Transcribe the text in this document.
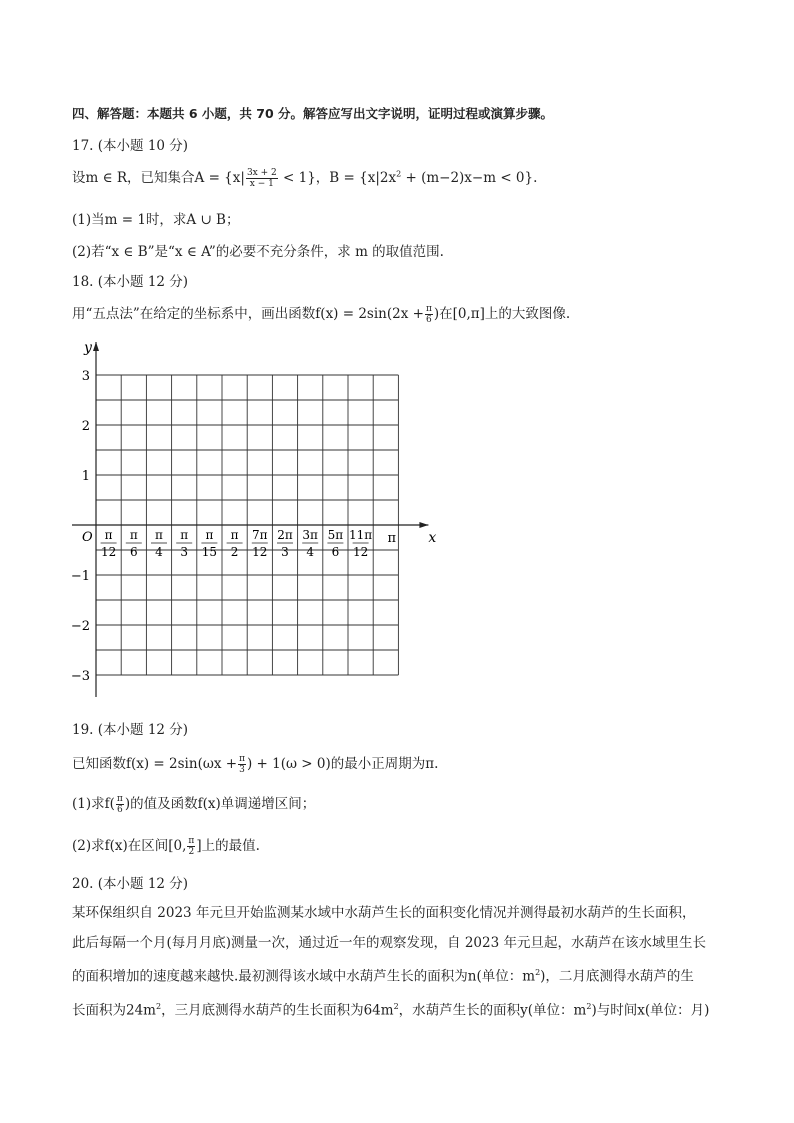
四、解答题：本题共 6 小题，共 70 分。解答应写出文字说明，证明过程或演算步骤。
17. (本小题 10 分)
设m ∈ R，已知集合$A = \{x| \frac{3x + 2}{x - 1} < 1\}$，$B = \{x|2x^2 + (m-2)x-m < 0\}$.
(1)当m = 1时，求A ∪ B；
(2)若“x ∈ B”是“x ∈ A”的必要不充分条件，求 m 的取值范围.
18. (本小题 12 分)
用“五点法”在给定的坐标系中，画出函数$f(x) = 2\sin(2x + \frac{\pi}{6}$ )在[0,π]上的大致图像.
y
x
O
3
2
1
−1
−2
−3
π
12
π
6
π
4
π
3
π
15
π
2
7π
12
2π
3
3π
4
5π
6
11π
12
π
19. (本小题 12 分)
已知函数$f(x) = 2\sin(\omega x + \frac{\pi}{3}$ ) + 1(ω > 0)的最小正周期为π.
(1)求$f( \frac{\pi}{6}$ )的值及函数f(x)单调递增区间；
(2)求f(x)在区间[0, $\frac{\pi}{2}$ ]上的最值.
20. (本小题 12 分)
某环保组织自 2023 年元旦开始监测某水域中水葫芦生长的面积变化情况并测得最初水葫芦的生长面积，
此后每隔一个月(每月月底)测量一次，通过近一年的观察发现，自 2023 年元旦起，水葫芦在该水域里生长
的面积增加的速度越来越快.最初测得该水域中水葫芦生长的面积为n(单位：$m^2$)，二月底测得水葫芦的生
长面积为$24m^2$，三月底测得水葫芦的生长面积为$64m^2$，水葫芦生长的面积y(单位：$m^2$)与时间x(单位：月)
